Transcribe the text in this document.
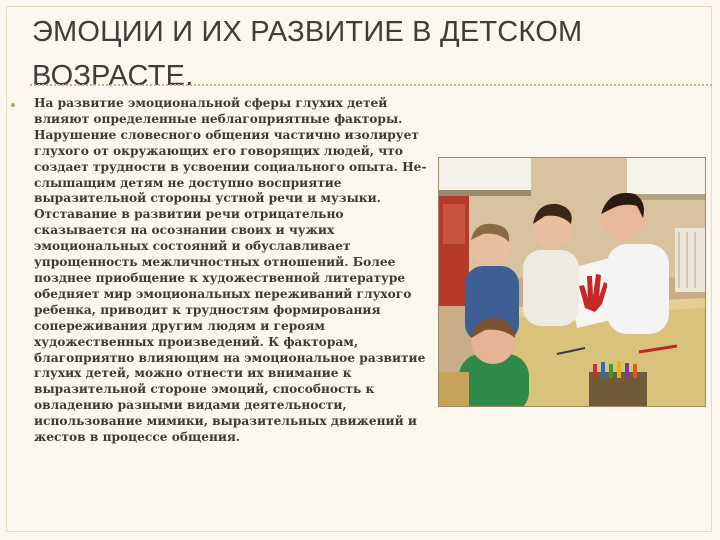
ЭМОЦИИ И ИХ РАЗВИТИЕ В ДЕТСКОМ ВОЗРАСТЕ.
На развитие эмоциональной сферы глухих детей влияют определенные неблагоприятные факторы. Нарушение словесного общения частично изолирует глухого от окружающих его говорящих людей, что создает трудности в усвоении социального опыта. Не-слышащим детям не доступно восприятие выразительной стороны устной речи и музыки. Отставание в развитии речи отрицательно сказывается на осознании своих и чужих эмоциональных состояний и обуславливает упрощенность межличностных отношений. Более позднее приобщение к художественной литературе обедняет мир эмоциональных переживаний глухого ребенка, приводит к трудностям формирования сопереживания другим людям и героям художественных произведений. К факторам, благоприятно влияющим на эмоциональное развитие глухих детей, можно отнести их внимание к выразительной стороне эмоций, способность к овладению разными видами деятельности, использование мимики, выразительных движений и жестов в процессе общения.
